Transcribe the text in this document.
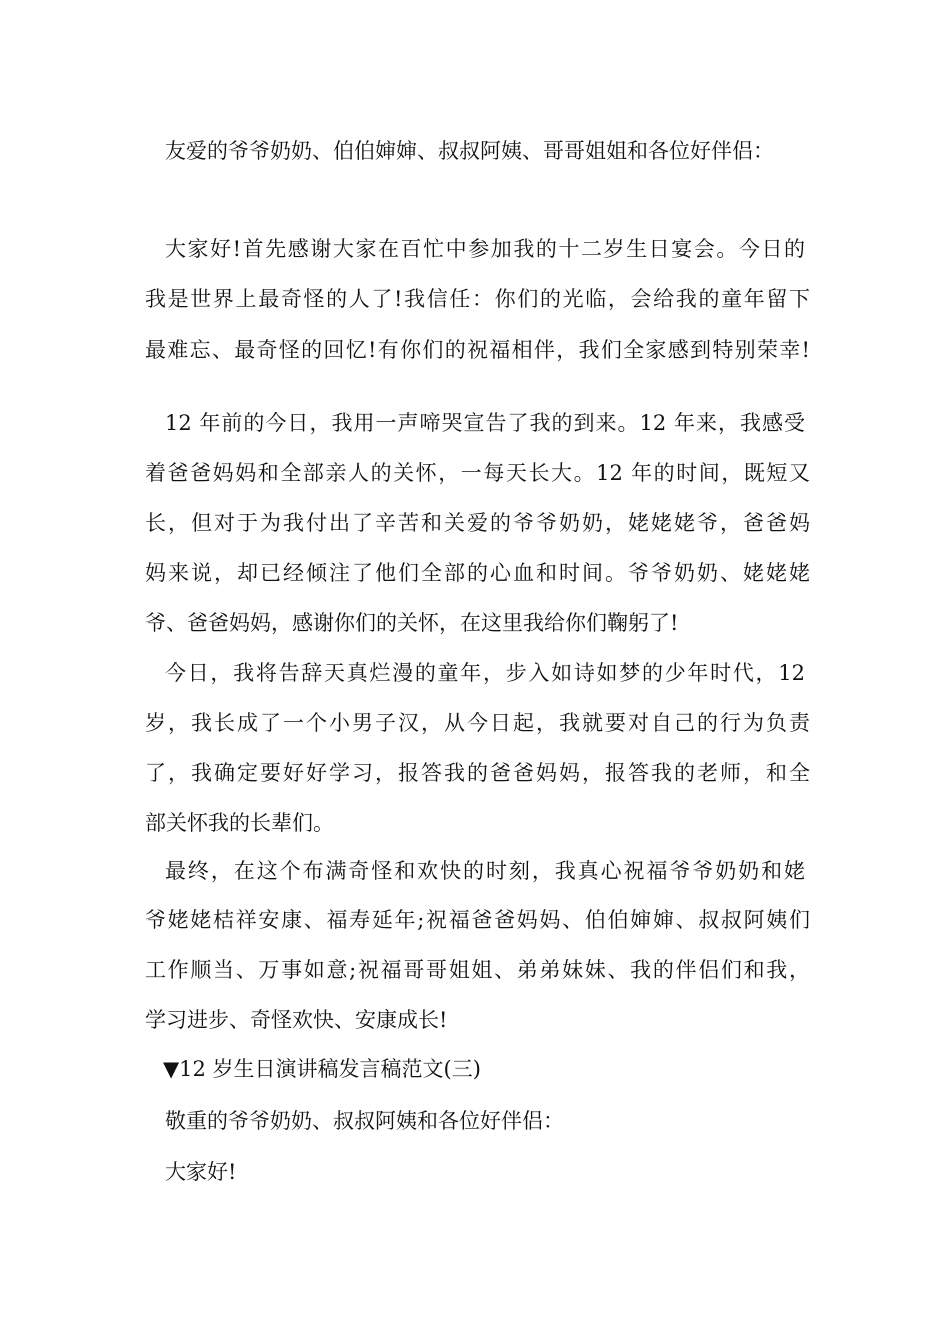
友爱的爷爷奶奶、伯伯婶婶、叔叔阿姨、哥哥姐姐和各位好伴侣：
大家好!首先感谢大家在百忙中参加我的十二岁生日宴会。今日的
我是世界上最奇怪的人了!我信任：你们的光临，会给我的童年留下
最难忘、最奇怪的回忆!有你们的祝福相伴，我们全家感到特别荣幸!
12 年前的今日，我用一声啼哭宣告了我的到来。12 年来，我感受
着爸爸妈妈和全部亲人的关怀，一每天长大。12 年的时间，既短又
长，但对于为我付出了辛苦和关爱的爷爷奶奶，姥姥姥爷，爸爸妈
妈来说，却已经倾注了他们全部的心血和时间。爷爷奶奶、姥姥姥
爷、爸爸妈妈，感谢你们的关怀，在这里我给你们鞠躬了!
今日，我将告辞天真烂漫的童年，步入如诗如梦的少年时代，12
岁，我长成了一个小男子汉，从今日起，我就要对自己的行为负责
了，我确定要好好学习，报答我的爸爸妈妈，报答我的老师，和全
部关怀我的长辈们。
最终，在这个布满奇怪和欢快的时刻，我真心祝福爷爷奶奶和姥
爷姥姥桔祥安康、福寿延年;祝福爸爸妈妈、伯伯婶婶、叔叔阿姨们
工作顺当、万事如意;祝福哥哥姐姐、弟弟妹妹、我的伴侣们和我，
学习进步、奇怪欢快、安康成长!
▼12 岁生日演讲稿发言稿范文(三)
敬重的爷爷奶奶、叔叔阿姨和各位好伴侣：
大家好!
